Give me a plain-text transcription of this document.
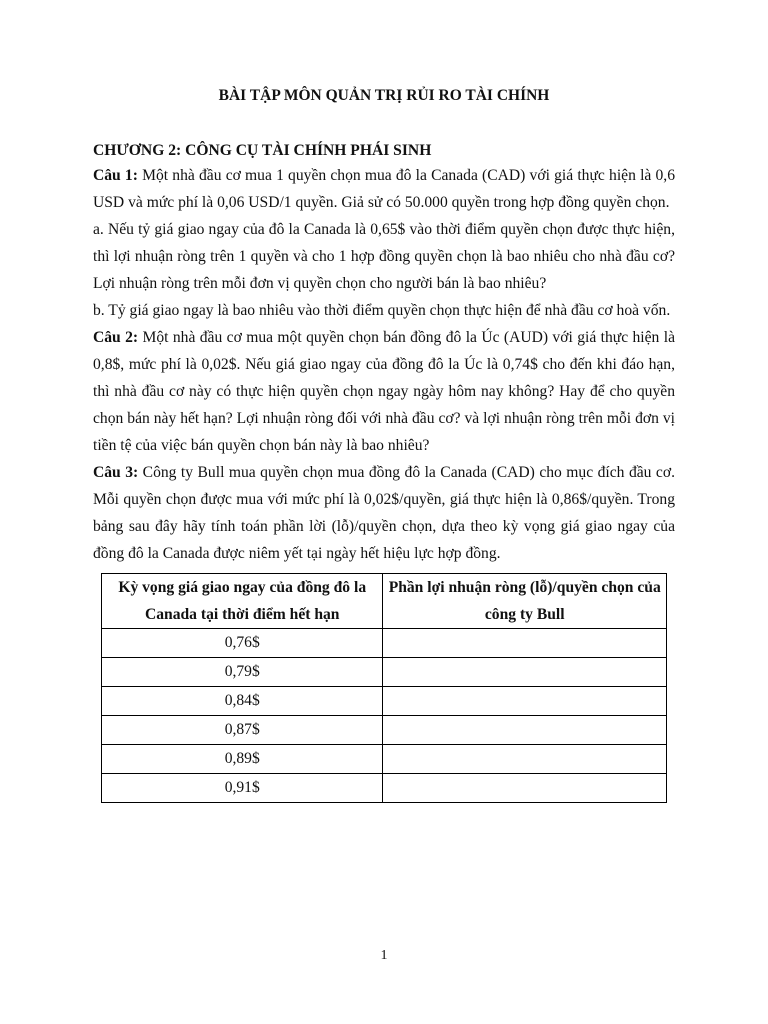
BÀI TẬP MÔN QUẢN TRỊ RỦI RO TÀI CHÍNH

CHƯƠNG 2: CÔNG CỤ TÀI CHÍNH PHÁI SINH

Câu 1: Một nhà đầu cơ mua 1 quyền chọn mua đô la Canada (CAD) với giá thực hiện là 0,6 USD và mức phí là 0,06 USD/1 quyền. Giả sử có 50.000 quyền trong hợp đồng quyền chọn.

a. Nếu tỷ giá giao ngay của đô la Canada là 0,65$ vào thời điểm quyền chọn được thực hiện, thì lợi nhuận ròng trên 1 quyền và cho 1 hợp đồng quyền chọn là bao nhiêu cho nhà đầu cơ? Lợi nhuận ròng trên mỗi đơn vị quyền chọn cho người bán là bao nhiêu?

b. Tỷ giá giao ngay là bao nhiêu vào thời điểm quyền chọn thực hiện để nhà đầu cơ hoà vốn.

Câu 2: Một nhà đầu cơ mua một quyền chọn bán đồng đô la Úc (AUD) với giá thực hiện là 0,8$, mức phí là 0,02$. Nếu giá giao ngay của đồng đô la Úc là 0,74$ cho đến khi đáo hạn, thì nhà đầu cơ này có thực hiện quyền chọn ngay ngày hôm nay không? Hay để cho quyền chọn bán này hết hạn? Lợi nhuận ròng đối với nhà đầu cơ? và lợi nhuận ròng trên mỗi đơn vị tiền tệ của việc bán quyền chọn bán này là bao nhiêu?

Câu 3: Công ty Bull mua quyền chọn mua đồng đô la Canada (CAD) cho mục đích đầu cơ. Mỗi quyền chọn được mua với mức phí là 0,02$/quyền, giá thực hiện là 0,86$/quyền. Trong bảng sau đây hãy tính toán phần lời (lỗ)/quyền chọn, dựa theo kỳ vọng giá giao ngay của đồng đô la Canada được niêm yết tại ngày hết hiệu lực hợp đồng.

Kỳ vọng giá giao ngay của đồng đô la Canada tại thời điểm hết hạn	Phần lợi nhuận ròng (lỗ)/quyền chọn của công ty Bull
0,76$	
0,79$	
0,84$	
0,87$	
0,89$	
0,91$	
1
